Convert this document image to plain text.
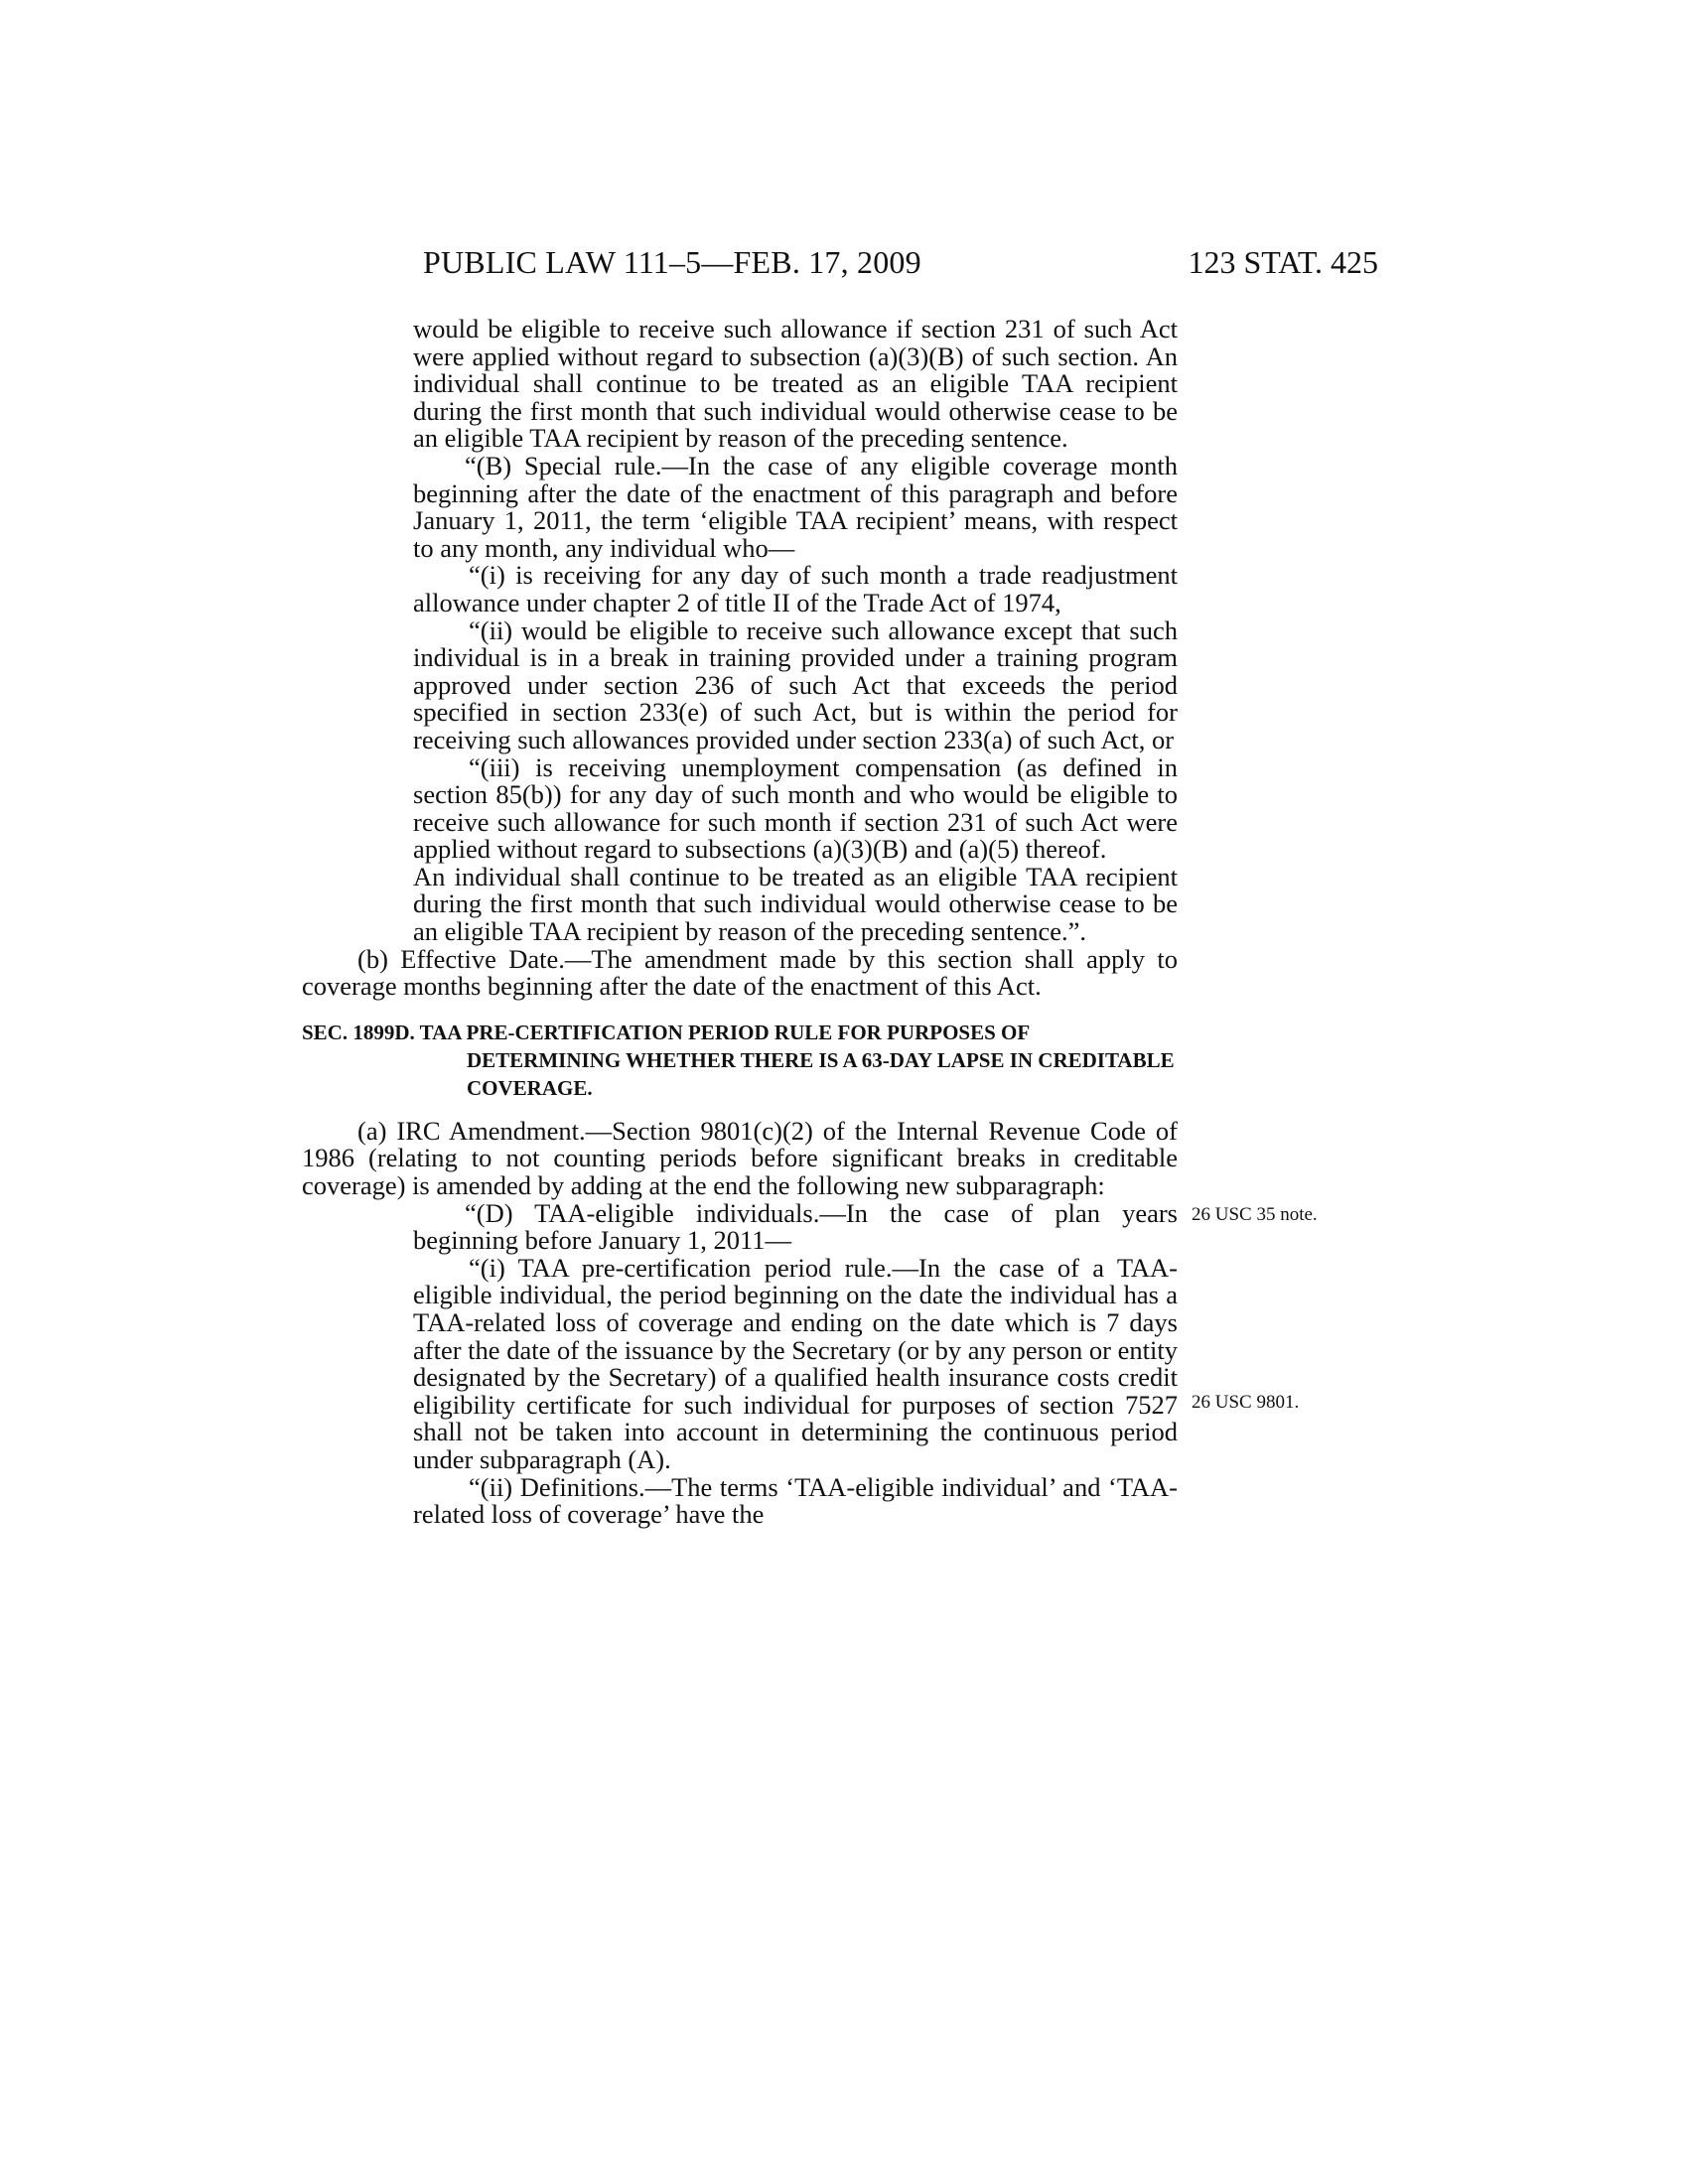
PUBLIC LAW 111–5—FEB. 17, 2009	123 STAT. 425

would be eligible to receive such allowance if section 231 of such Act were applied without regard to subsection (a)(3)(B) of such section. An individual shall continue to be treated as an eligible TAA recipient during the first month that such individual would otherwise cease to be an eligible TAA recipient by reason of the preceding sentence.

“(B) Special rule.—In the case of any eligible coverage month beginning after the date of the enactment of this paragraph and before January 1, 2011, the term ‘eligible TAA recipient’ means, with respect to any month, any individual who—

“(i) is receiving for any day of such month a trade readjustment allowance under chapter 2 of title II of the Trade Act of 1974,

“(ii) would be eligible to receive such allowance except that such individual is in a break in training provided under a training program approved under section 236 of such Act that exceeds the period specified in section 233(e) of such Act, but is within the period for receiving such allowances provided under section 233(a) of such Act, or

“(iii) is receiving unemployment compensation (as defined in section 85(b)) for any day of such month and who would be eligible to receive such allowance for such month if section 231 of such Act were applied without regard to subsections (a)(3)(B) and (a)(5) thereof.

An individual shall continue to be treated as an eligible TAA recipient during the first month that such individual would otherwise cease to be an eligible TAA recipient by reason of the preceding sentence.”.

(b) Effective Date.—The amendment made by this section shall apply to coverage months beginning after the date of the enactment of this Act.

SEC. 1899D. TAA PRE-CERTIFICATION PERIOD RULE FOR PURPOSES OF DETERMINING WHETHER THERE IS A 63-DAY LAPSE IN CREDITABLE COVERAGE.

(a) IRC Amendment.—Section 9801(c)(2) of the Internal Revenue Code of 1986 (relating to not counting periods before significant breaks in creditable coverage) is amended by adding at the end the following new subparagraph:

“(D) TAA-eligible individuals.—In the case of plan years beginning before January 1, 2011—

“(i) TAA pre-certification period rule.—In the case of a TAA-eligible individual, the period beginning on the date the individual has a TAA-related loss of coverage and ending on the date which is 7 days after the date of the issuance by the Secretary (or by any person or entity designated by the Secretary) of a qualified health insurance costs credit eligibility certificate for such individual for purposes of section 7527 shall not be taken into account in determining the continuous period under subparagraph (A).

“(ii) Definitions.—The terms ‘TAA-eligible individual’ and ‘TAA-related loss of coverage’ have the

26 USC 35 note.
26 USC 9801.
